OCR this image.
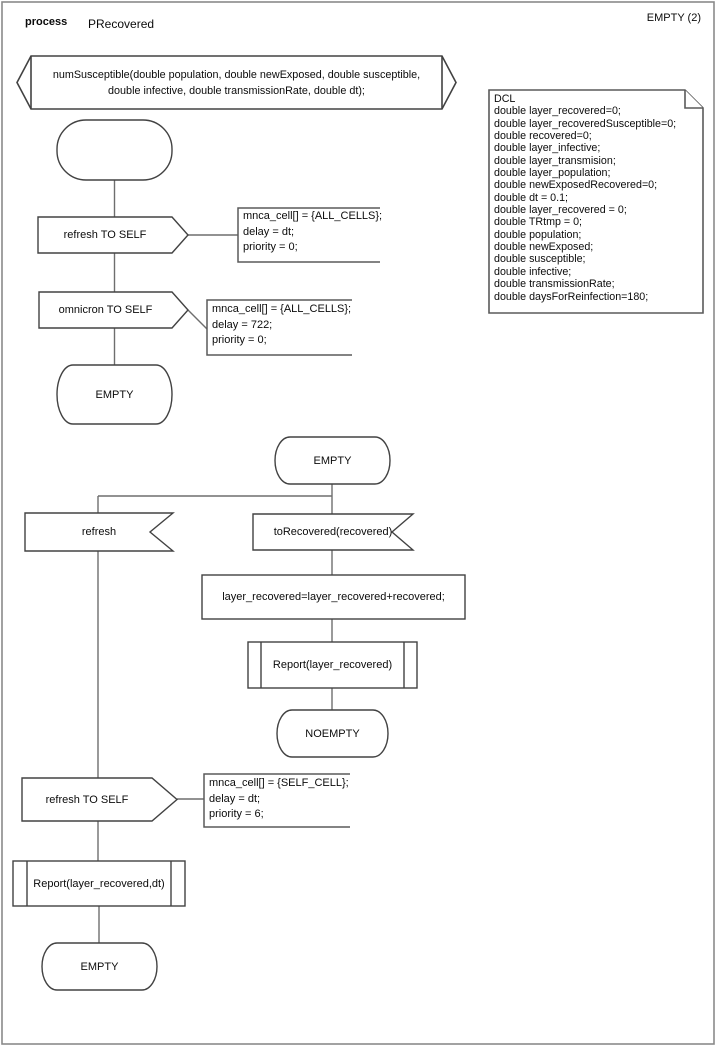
process PRecovered	EMPTY (2)
numSusceptible(double population, double newExposed, double susceptible,
double infective, double transmissionRate, double dt);
DCL
double layer_recovered=0;
double layer_recoveredSusceptible=0;
double recovered=0;
double layer_infective;
double layer_transmision;
double layer_population;
double newExposedRecovered=0;
double dt = 0.1;
double layer_recovered = 0;
double TRtmp = 0;
double population;
double newExposed;
double susceptible;
double infective;
double transmissionRate;
double daysForReinfection=180;
refresh TO SELF
mnca_cell[] = {ALL_CELLS};
delay = dt;
priority = 0;
omnicron TO SELF	mnca_cell[] = {ALL_CELLS};
delay = 722;
priority = 0;
EMPTY
EMPTY
refresh	toRecovered(recovered)
layer_recovered=layer_recovered+recovered;
Report(layer_recovered)
NOEMPTY
refresh TO SELF
mnca_cell[] = {SELF_CELL};
delay = dt;
priority = 6;
Report(layer_recovered,dt)
EMPTY
